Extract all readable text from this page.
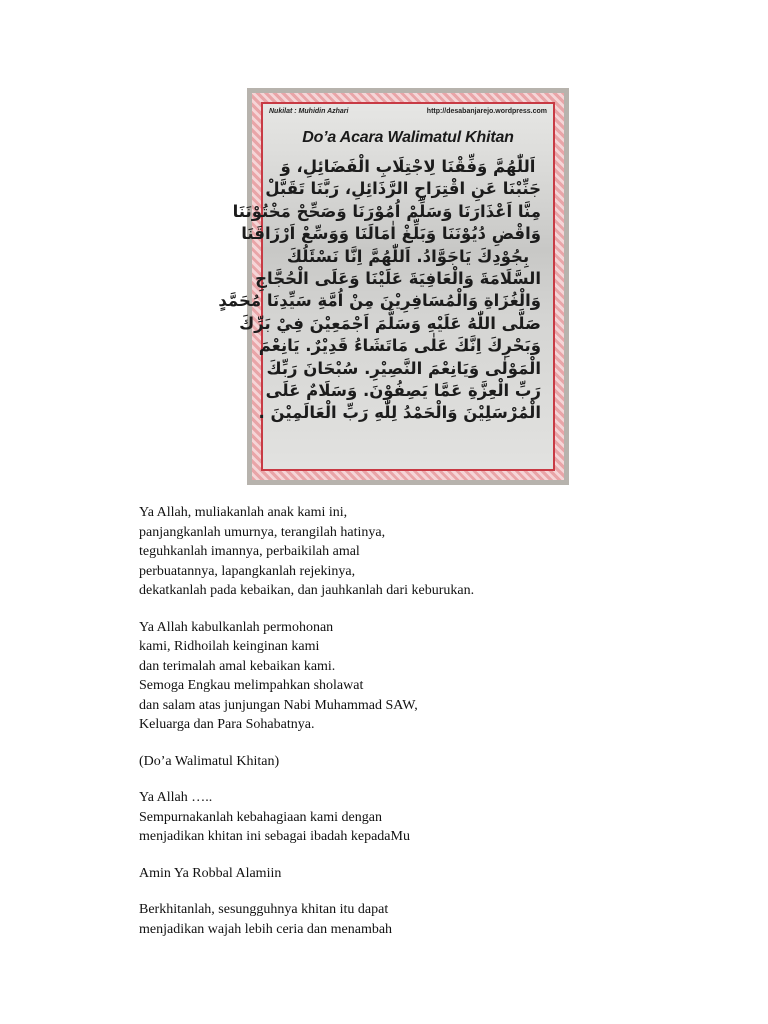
Nukilat : Muhidin Azhari	http://desabanjarejo.wordpress.com
Do’a Acara Walimatul Khitan
اَللّٰهُمَّ وَفِّقْنَا لِاجْتِلَابِ الْفَضَائِلِ، وَ
جَنِّبْنَا عَنِ اقْتِرَاحِ الرَّذَائِلِ، رَبَّنَا تَقَبَّلْ
مِنَّا اَعْذَارَنَا وَسَلِّمْ اُمُوْرَنَا وَصَحِّحْ مَخْتُوْنَنَا
وَاقْضِ دُيُوْنَنَا وَبَلِّغْ اٰمَالَنَا وَوَسِّعْ اَرْزَاقَنَا
بِجُوْدِكَ يَاجَوَّادُ. اَللّٰهُمَّ اِنَّا نَسْئَلُكَ
السَّلَامَةَ وَالْعَافِيَةَ عَلَيْنَا وَعَلَى الْحُجَّاجِ
وَالْغُزَاةِ وَالْمُسَافِرِيْنَ مِنْ اُمَّةِ سَيِّدِنَا مُحَمَّدٍ
صَلَّى اللّٰهُ عَلَيْهِ وَسَلَّمَ اَجْمَعِيْنَ فِيْ بَرِّكَ
وَبَحْرِكَ اِنَّكَ عَلٰى مَاتَشَاءُ قَدِيْرٌ. يَانِعْمَ
الْمَوْلٰى وَيَانِعْمَ النَّصِيْرِ. سُبْحَانَ رَبِّكَ
رَبِّ الْعِزَّةِ عَمَّا يَصِفُوْنَ. وَسَلَامٌ عَلَى
الْمُرْسَلِيْنَ وَالْحَمْدُ لِلّٰهِ رَبِّ الْعَالَمِيْنَ .

Ya Allah, muliakanlah anak kami ini,
panjangkanlah umurnya, terangilah hatinya,
teguhkanlah imannya, perbaikilah amal
perbuatannya, lapangkanlah rejekinya,
dekatkanlah pada kebaikan, dan jauhkanlah dari keburukan.

Ya Allah kabulkanlah permohonan
kami, Ridhoilah keinginan kami
dan terimalah amal kebaikan kami.
Semoga Engkau melimpahkan sholawat
dan salam atas junjungan Nabi Muhammad SAW,
Keluarga dan Para Sohabatnya.

(Do’a Walimatul Khitan)

Ya Allah …..
Sempurnakanlah kebahagiaan kami dengan
menjadikan khitan ini sebagai ibadah kepadaMu

Amin Ya Robbal Alamiin

Berkhitanlah, sesungguhnya khitan itu dapat
menjadikan wajah lebih ceria dan menambah
